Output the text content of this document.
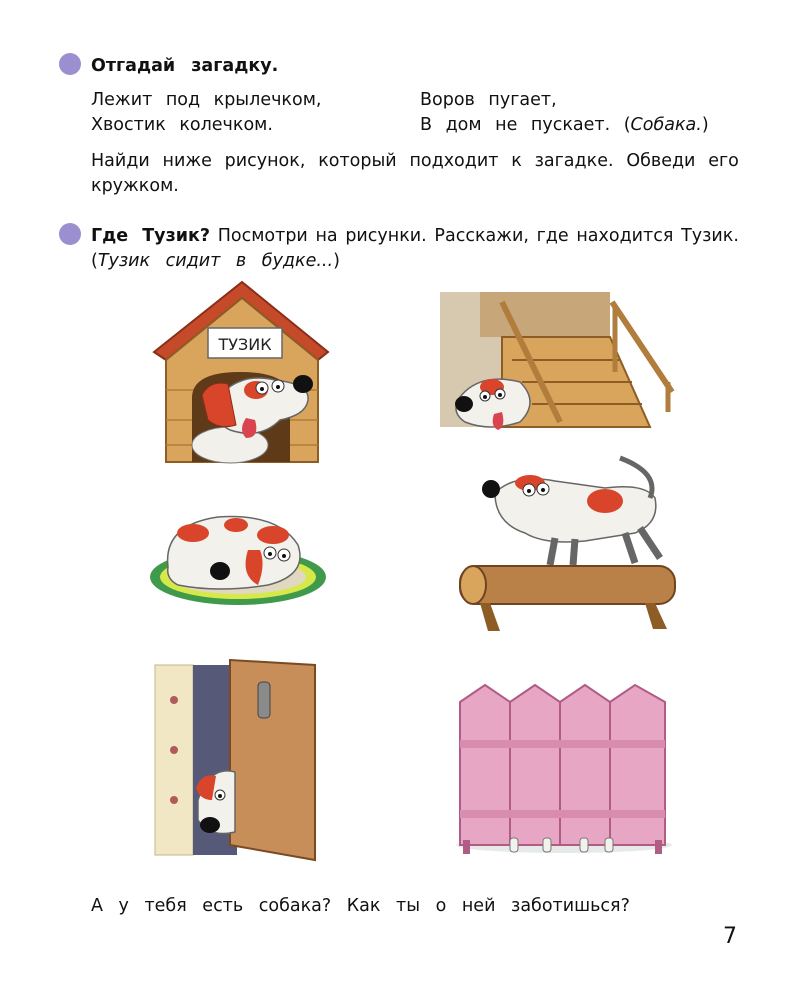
Отгадай загадку.
Лежит под крылечком,
Хвостик колечком.
Воров пугает,
В дом не пускает. (Собака.)
Найди ниже рисунок, который подходит к загадке. Обведи его
кружком.
Где Тузик? Посмотри на рисунки. Расскажи, где находится Тузик.
(Тузик сидит в будке...)
ТУЗИК
А у тебя есть собака? Как ты о ней заботишься?
7
